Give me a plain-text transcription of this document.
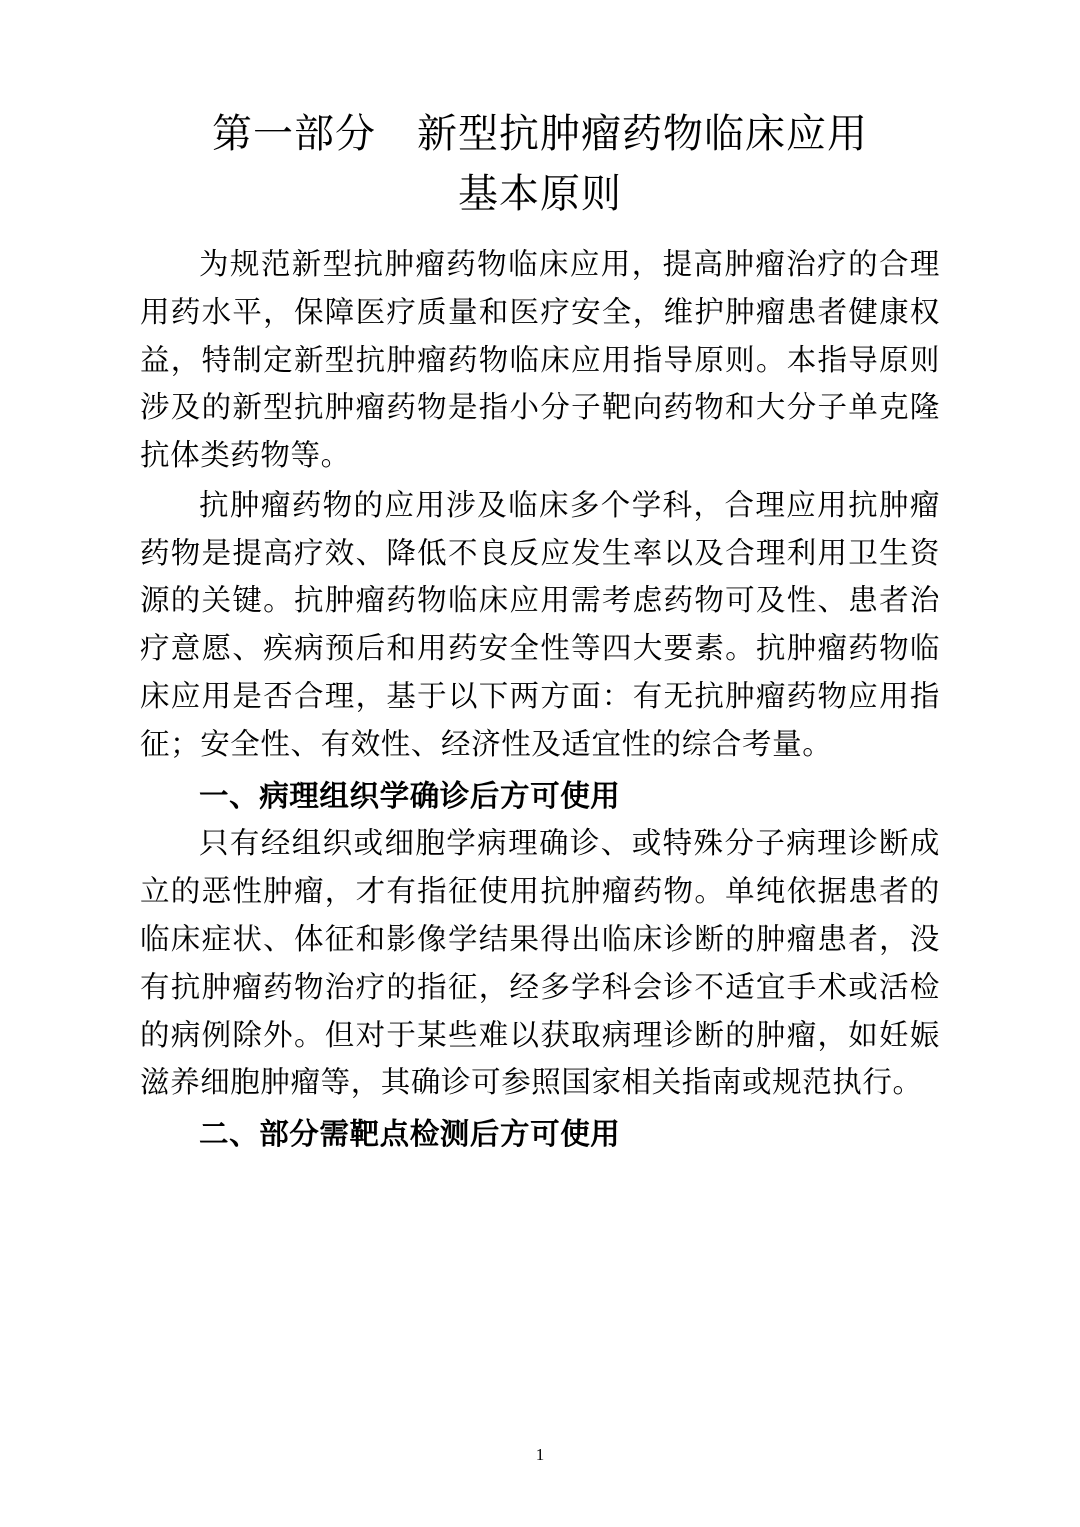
第一部分　新型抗肿瘤药物临床应用
基本原则

为规范新型抗肿瘤药物临床应用，提高肿瘤治疗的合理用药水平，保障医疗质量和医疗安全，维护肿瘤患者健康权益，特制定新型抗肿瘤药物临床应用指导原则。本指导原则涉及的新型抗肿瘤药物是指小分子靶向药物和大分子单克隆抗体类药物等。

抗肿瘤药物的应用涉及临床多个学科，合理应用抗肿瘤药物是提高疗效、降低不良反应发生率以及合理利用卫生资源的关键。抗肿瘤药物临床应用需考虑药物可及性、患者治疗意愿、疾病预后和用药安全性等四大要素。抗肿瘤药物临床应用是否合理，基于以下两方面：有无抗肿瘤药物应用指征；安全性、有效性、经济性及适宜性的综合考量。

一、病理组织学确诊后方可使用

只有经组织或细胞学病理确诊、或特殊分子病理诊断成立的恶性肿瘤，才有指征使用抗肿瘤药物。单纯依据患者的临床症状、体征和影像学结果得出临床诊断的肿瘤患者，没有抗肿瘤药物治疗的指征，经多学科会诊不适宜手术或活检的病例除外。但对于某些难以获取病理诊断的肿瘤，如妊娠滋养细胞肿瘤等，其确诊可参照国家相关指南或规范执行。

二、部分需靶点检测后方可使用

1
